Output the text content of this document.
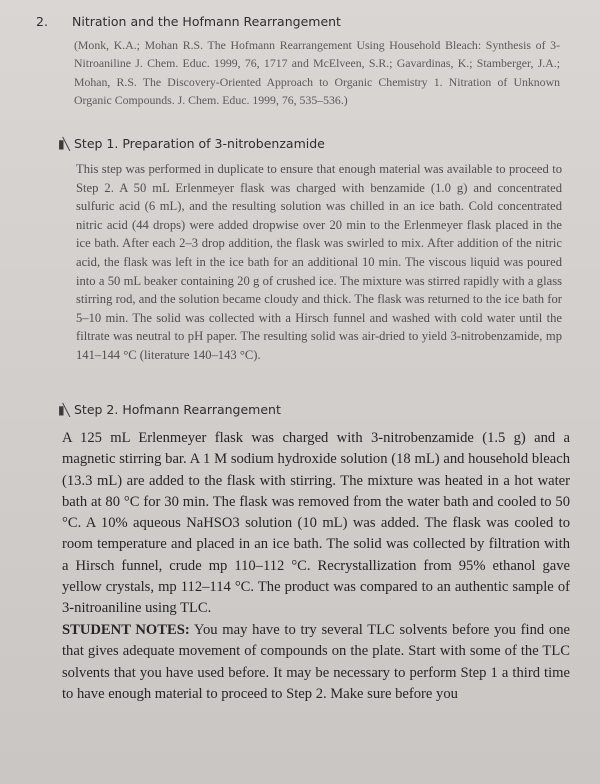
2. Nitration and the Hofmann Rearrangement

(Monk, K.A.; Mohan R.S. The Hofmann Rearrangement Using Household Bleach: Synthesis of 3-Nitroaniline J. Chem. Educ. 1999, 76, 1717 and McElveen, S.R.; Gavardinas, K.; Stamberger, J.A.; Mohan, R.S. The Discovery-Oriented Approach to Organic Chemistry 1. Nitration of Unknown Organic Compounds. J. Chem. Educ. 1999, 76, 535–536.)

▮╲ Step 1. Preparation of 3-nitrobenzamide

This step was performed in duplicate to ensure that enough material was available to proceed to Step 2. A 50 mL Erlenmeyer flask was charged with benzamide (1.0 g) and concentrated sulfuric acid (6 mL), and the resulting solution was chilled in an ice bath. Cold concentrated nitric acid (44 drops) were added dropwise over 20 min to the Erlenmeyer flask placed in the ice bath. After each 2–3 drop addition, the flask was swirled to mix. After addition of the nitric acid, the flask was left in the ice bath for an additional 10 min. The viscous liquid was poured into a 50 mL beaker containing 20 g of crushed ice. The mixture was stirred rapidly with a glass stirring rod, and the solution became cloudy and thick. The flask was returned to the ice bath for 5–10 min. The solid was collected with a Hirsch funnel and washed with cold water until the filtrate was neutral to pH paper. The resulting solid was air-dried to yield 3-nitrobenzamide, mp 141–144 °C (literature 140–143 °C).

▮╲ Step 2. Hofmann Rearrangement

A 125 mL Erlenmeyer flask was charged with 3-nitrobenzamide (1.5 g) and a magnetic stirring bar. A 1 M sodium hydroxide solution (18 mL) and household bleach (13.3 mL) are added to the flask with stirring. The mixture was heated in a hot water bath at 80 °C for 30 min. The flask was removed from the water bath and cooled to 50 °C. A 10% aqueous NaHSO3 solution (10 mL) was added. The flask was cooled to room temperature and placed in an ice bath. The solid was collected by filtration with a Hirsch funnel, crude mp 110–112 °C. Recrystallization from 95% ethanol gave yellow crystals, mp 112–114 °C. The product was compared to an authentic sample of 3-nitroaniline using TLC.

STUDENT NOTES: You may have to try several TLC solvents before you find one that gives adequate movement of compounds on the plate. Start with some of the TLC solvents that you have used before. It may be necessary to perform Step 1 a third time to have enough material to proceed to Step 2. Make sure before you
